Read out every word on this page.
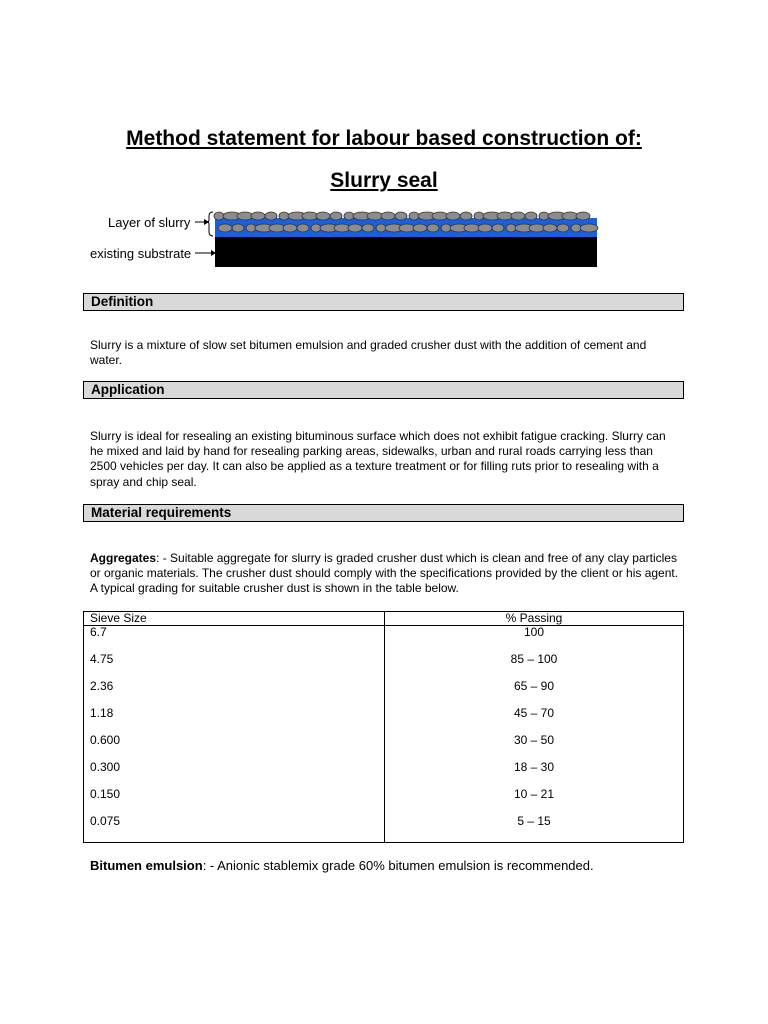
Method statement for labour based construction of:
Slurry seal
Layer of slurry
existing substrate
Definition

Slurry is a mixture of slow set bitumen emulsion and graded crusher dust with the addition of cement and water.

Application

Slurry is ideal for resealing an existing bituminous surface which does not exhibit fatigue cracking. Slurry can he mixed and laid by hand for resealing parking areas, sidewalks, urban and rural roads carrying less than 2500 vehicles per day. It can also be applied as a texture treatment or for filling ruts prior to resealing with a spray and chip seal.

Material requirements

Aggregates: - Suitable aggregate for slurry is graded crusher dust which is clean and free of any clay particles or organic materials. The crusher dust should comply with the specifications provided by the client or his agent. A typical grading for suitable crusher dust is shown in the table below.

Sieve Size	% Passing
6.7	100
4.75	85 – 100
2.36	65 – 90
1.18	45 – 70
0.600	30 – 50
0.300	18 – 30
0.150	10 – 21
0.075	5 – 15

Bitumen emulsion: - Anionic stablemix grade 60% bitumen emulsion is recommended.
